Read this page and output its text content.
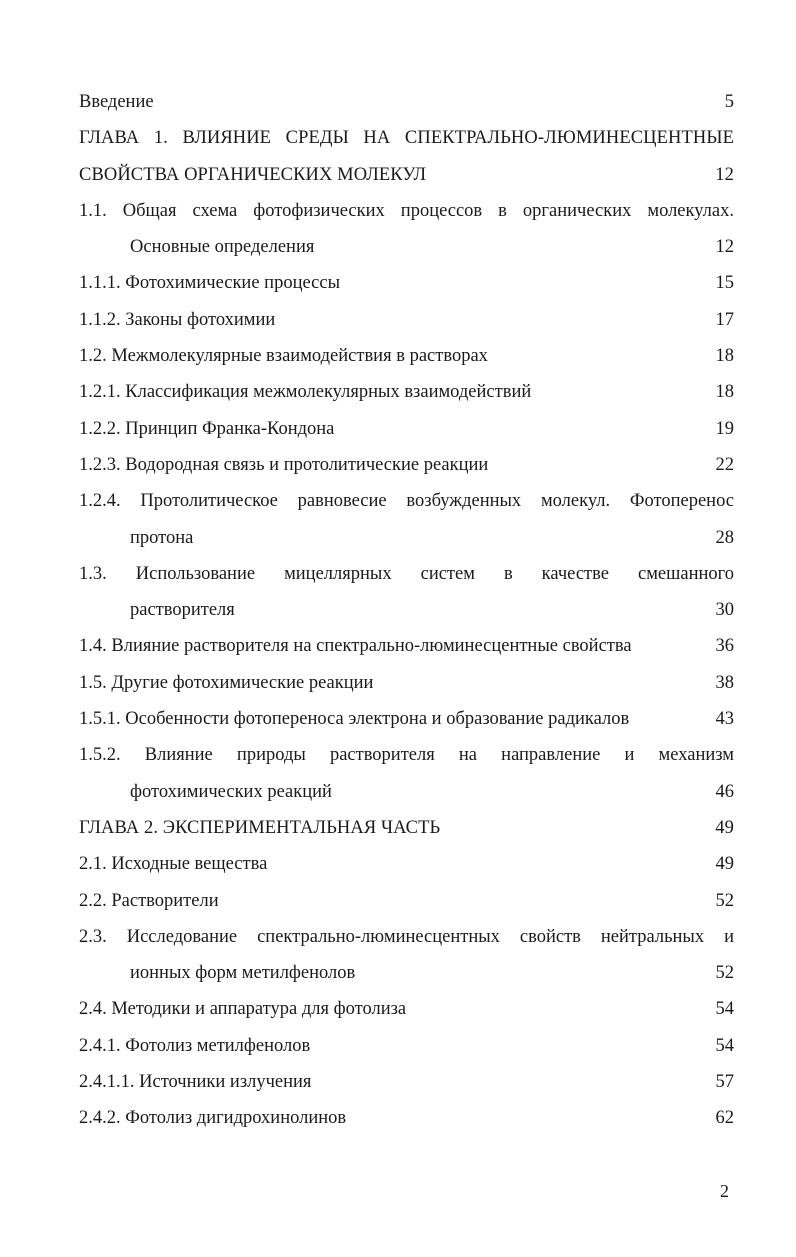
Введение	5
ГЛАВА 1. ВЛИЯНИЕ СРЕДЫ НА СПЕКТРАЛЬНО-ЛЮМИНЕСЦЕНТНЫЕ
СВОЙСТВА ОРГАНИЧЕСКИХ МОЛЕКУЛ	12
1.1. Общая схема фотофизических процессов в органических молекулах.
Основные определения	12
1.1.1. Фотохимические процессы	15
1.1.2. Законы фотохимии	17
1.2. Межмолекулярные взаимодействия в растворах	18
1.2.1. Классификация межмолекулярных взаимодействий	18
1.2.2. Принцип Франка-Кондона	19
1.2.3. Водородная связь и протолитические реакции	22
1.2.4. Протолитическое равновесие возбужденных молекул. Фотоперенос
протона	28
1.3. Использование мицеллярных систем в качестве смешанного
растворителя	30
1.4. Влияние растворителя на спектрально-люминесцентные свойства	36
1.5. Другие фотохимические реакции	38
1.5.1. Особенности фотопереноса электрона и образование радикалов	43
1.5.2. Влияние природы растворителя на направление и механизм
фотохимических реакций	46
ГЛАВА 2. ЭКСПЕРИМЕНТАЛЬНАЯ ЧАСТЬ	49
2.1. Исходные вещества	49
2.2. Растворители	52
2.3. Исследование спектрально-люминесцентных свойств нейтральных и
ионных форм метилфенолов	52
2.4. Методики и аппаратура для фотолиза	54
2.4.1. Фотолиз метилфенолов	54
2.4.1.1. Источники излучения	57
2.4.2. Фотолиз дигидрохинолинов	62
2
